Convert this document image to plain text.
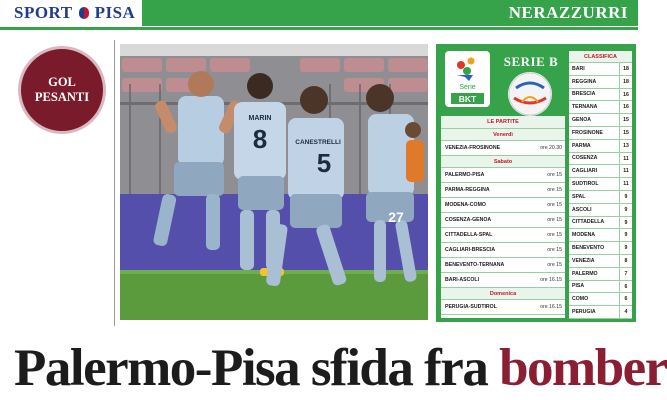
SPORT PISA	NERAZZURRI
GOL PESANTI
MARIN
8	CANESTRELLI
5
27
Serie
BKT
SERIE B
LE PARTITE
Venerdì
VENEZIA-FROSINONE	ore 20.30
Sabato
PALERMO-PISA	ore 15
PARMA-REGGINA	ore 15
MODENA-COMO	ore 15
COSENZA-GENOA	ore 15
CITTADELLA-SPAL	ore 15
CAGLIARI-BRESCIA	ore 15
BENEVENTO-TERNANA	ore 15
BARI-ASCOLI	ore 16.15
Domenica
PERUGIA-SUDTIROL	ore 16.15
CLASSIFICA
BARI	18
REGGINA	18
BRESCIA	16
TERNANA	16
GENOA	15
FROSINONE	15
PARMA	13
COSENZA	11
CAGLIARI	11
SUDTIROL	11
SPAL	9
ASCOLI	9
CITTADELLA	9
MODENA	9
BENEVENTO	9
VENEZIA	8
PALERMO	7
PISA	6
COMO	6
PERUGIA	4
Palermo-Pisa sfida fra bomber
